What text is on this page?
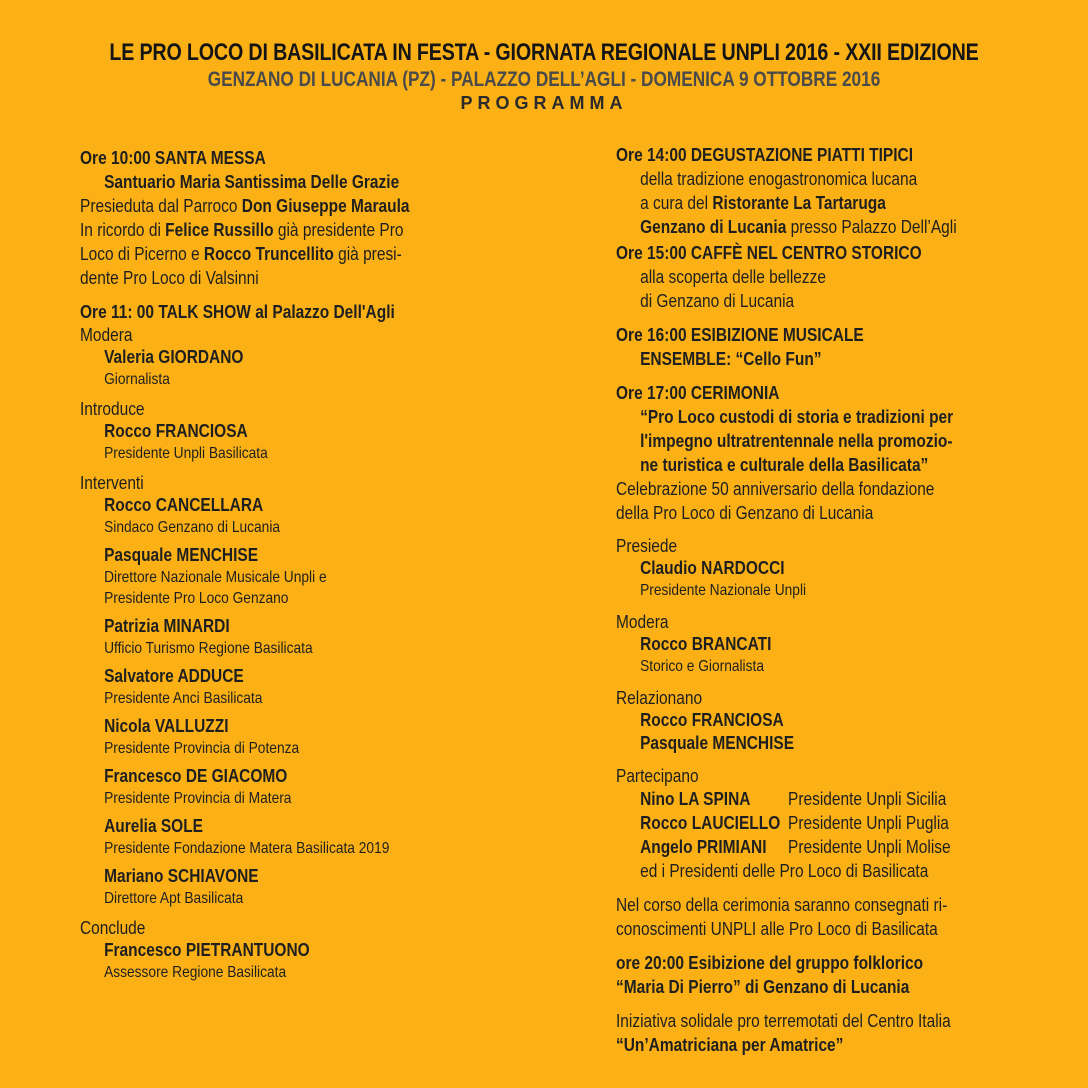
LE PRO LOCO DI BASILICATA IN FESTA - GIORNATA REGIONALE UNPLI 2016 - XXII EDIZIONE
GENZANO DI LUCANIA (PZ) - PALAZZO DELL’AGLI - DOMENICA 9 OTTOBRE 2016
PROGRAMMA
Ore 10:00 SANTA MESSA
Santuario Maria Santissima Delle Grazie
Presieduta dal Parroco Don Giuseppe Maraula
In ricordo di Felice Russillo già presidente Pro
Loco di Picerno e Rocco Truncellito già presi-
dente Pro Loco di Valsinni
Ore 11: 00 TALK SHOW al Palazzo Dell'Agli
Modera
Valeria GIORDANO
Giornalista
Introduce
Rocco FRANCIOSA
Presidente Unpli Basilicata
Interventi
Rocco CANCELLARA
Sindaco Genzano di Lucania
Pasquale MENCHISE
Direttore Nazionale Musicale Unpli e
Presidente Pro Loco Genzano
Patrizia MINARDI
Ufficio Turismo Regione Basilicata
Salvatore ADDUCE
Presidente Anci Basilicata
Nicola VALLUZZI
Presidente Provincia di Potenza
Francesco DE GIACOMO
Presidente Provincia di Matera
Aurelia SOLE
Presidente Fondazione Matera Basilicata 2019
Mariano SCHIAVONE
Direttore Apt Basilicata
Conclude
Francesco PIETRANTUONO
Assessore Regione Basilicata
Ore 14:00 DEGUSTAZIONE PIATTI TIPICI
della tradizione enogastronomica lucana
a cura del Ristorante La Tartaruga
Genzano di Lucania presso Palazzo Dell’Agli
Ore 15:00 CAFFÈ NEL CENTRO STORICO
alla scoperta delle bellezze
di Genzano di Lucania
Ore 16:00 ESIBIZIONE MUSICALE
ENSEMBLE: “Cello Fun”
Ore 17:00 CERIMONIA
“Pro Loco custodi di storia e tradizioni per
l'impegno ultratrentennale nella promozio-
ne turistica e culturale della Basilicata”
Celebrazione 50 anniversario della fondazione
della Pro Loco di Genzano di Lucania
Presiede
Claudio NARDOCCI
Presidente Nazionale Unpli
Modera
Rocco BRANCATI
Storico e Giornalista
Relazionano
Rocco FRANCIOSA
Pasquale MENCHISE
Partecipano
Nino LA SPINA	Presidente Unpli Sicilia
Rocco LAUCIELLO Presidente Unpli Puglia
Angelo PRIMIANI	Presidente Unpli Molise
ed i Presidenti delle Pro Loco di Basilicata
Nel corso della cerimonia saranno consegnati ri-
conoscimenti UNPLI alle Pro Loco di Basilicata
ore 20:00 Esibizione del gruppo folklorico
“Maria Di Pierro” di Genzano di Lucania
Iniziativa solidale pro terremotati del Centro Italia
“Un’Amatriciana per Amatrice”
